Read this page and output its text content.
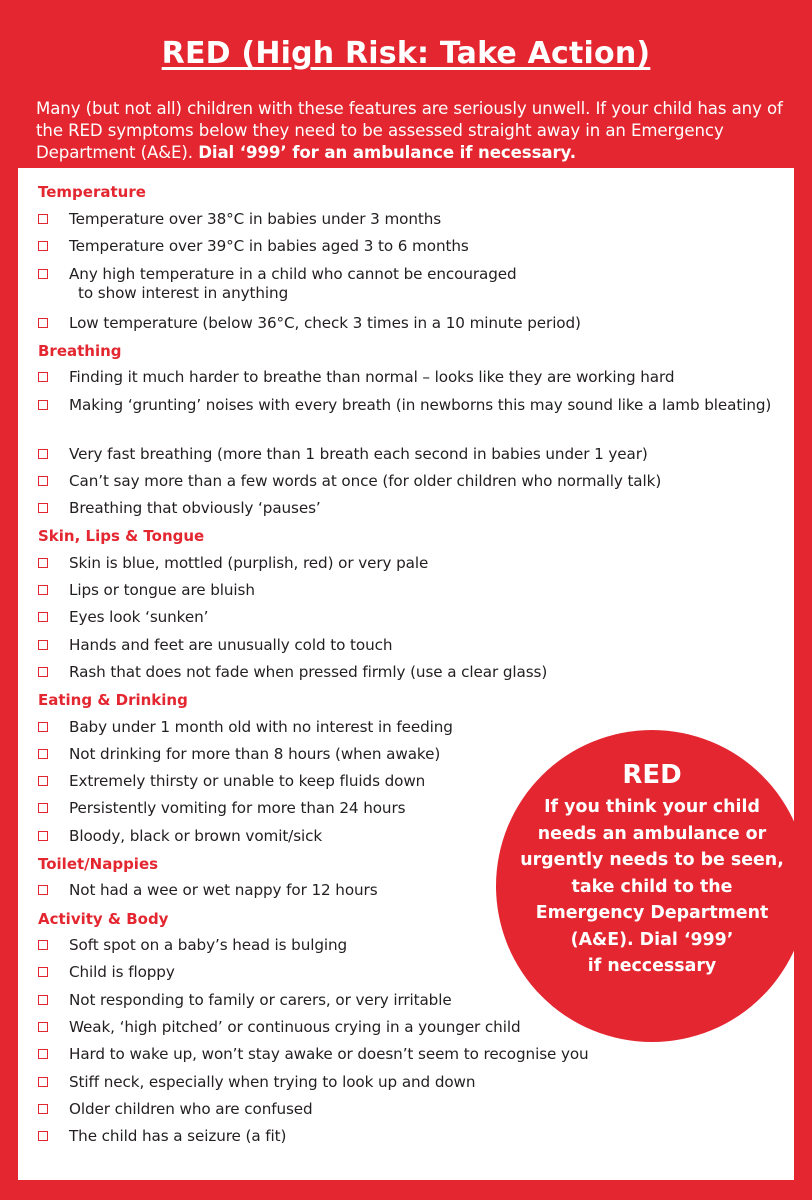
RED (High Risk: Take Action)
Many (but not all) children with these features are seriously unwell. If your child has any of the RED symptoms below they need to be assessed straight away in an Emergency Department (A&E). Dial ‘999’ for an ambulance if necessary.
Temperature
Temperature over 38°C in babies under 3 months
Temperature over 39°C in babies aged 3 to 6 months
Any high temperature in a child who cannot be encouraged
to show interest in anything
Low temperature (below 36°C, check 3 times in a 10 minute period)
Breathing
Finding it much harder to breathe than normal – looks like they are working hard
Making ‘grunting’ noises with every breath (in newborns this may sound like a lamb bleating)
Very fast breathing (more than 1 breath each second in babies under 1 year)
Can’t say more than a few words at once (for older children who normally talk)
Breathing that obviously ‘pauses’
Skin, Lips & Tongue
Skin is blue, mottled (purplish, red) or very pale
Lips or tongue are bluish
Eyes look ‘sunken’
Hands and feet are unusually cold to touch
Rash that does not fade when pressed firmly (use a clear glass)
Eating & Drinking
Baby under 1 month old with no interest in feeding
Not drinking for more than 8 hours (when awake)
Extremely thirsty or unable to keep fluids down
Persistently vomiting for more than 24 hours
Bloody, black or brown vomit/sick
Toilet/Nappies
Not had a wee or wet nappy for 12 hours
Activity & Body
Soft spot on a baby’s head is bulging
Child is floppy
Not responding to family or carers, or very irritable
Weak, ‘high pitched’ or continuous crying in a younger child
Hard to wake up, won’t stay awake or doesn’t seem to recognise you
Stiff neck, especially when trying to look up and down
Older children who are confused
The child has a seizure (a fit)
RED
If you think your child
needs an ambulance or
urgently needs to be seen,
take child to the
Emergency Department
(A&E). Dial ‘999’
if neccessary
